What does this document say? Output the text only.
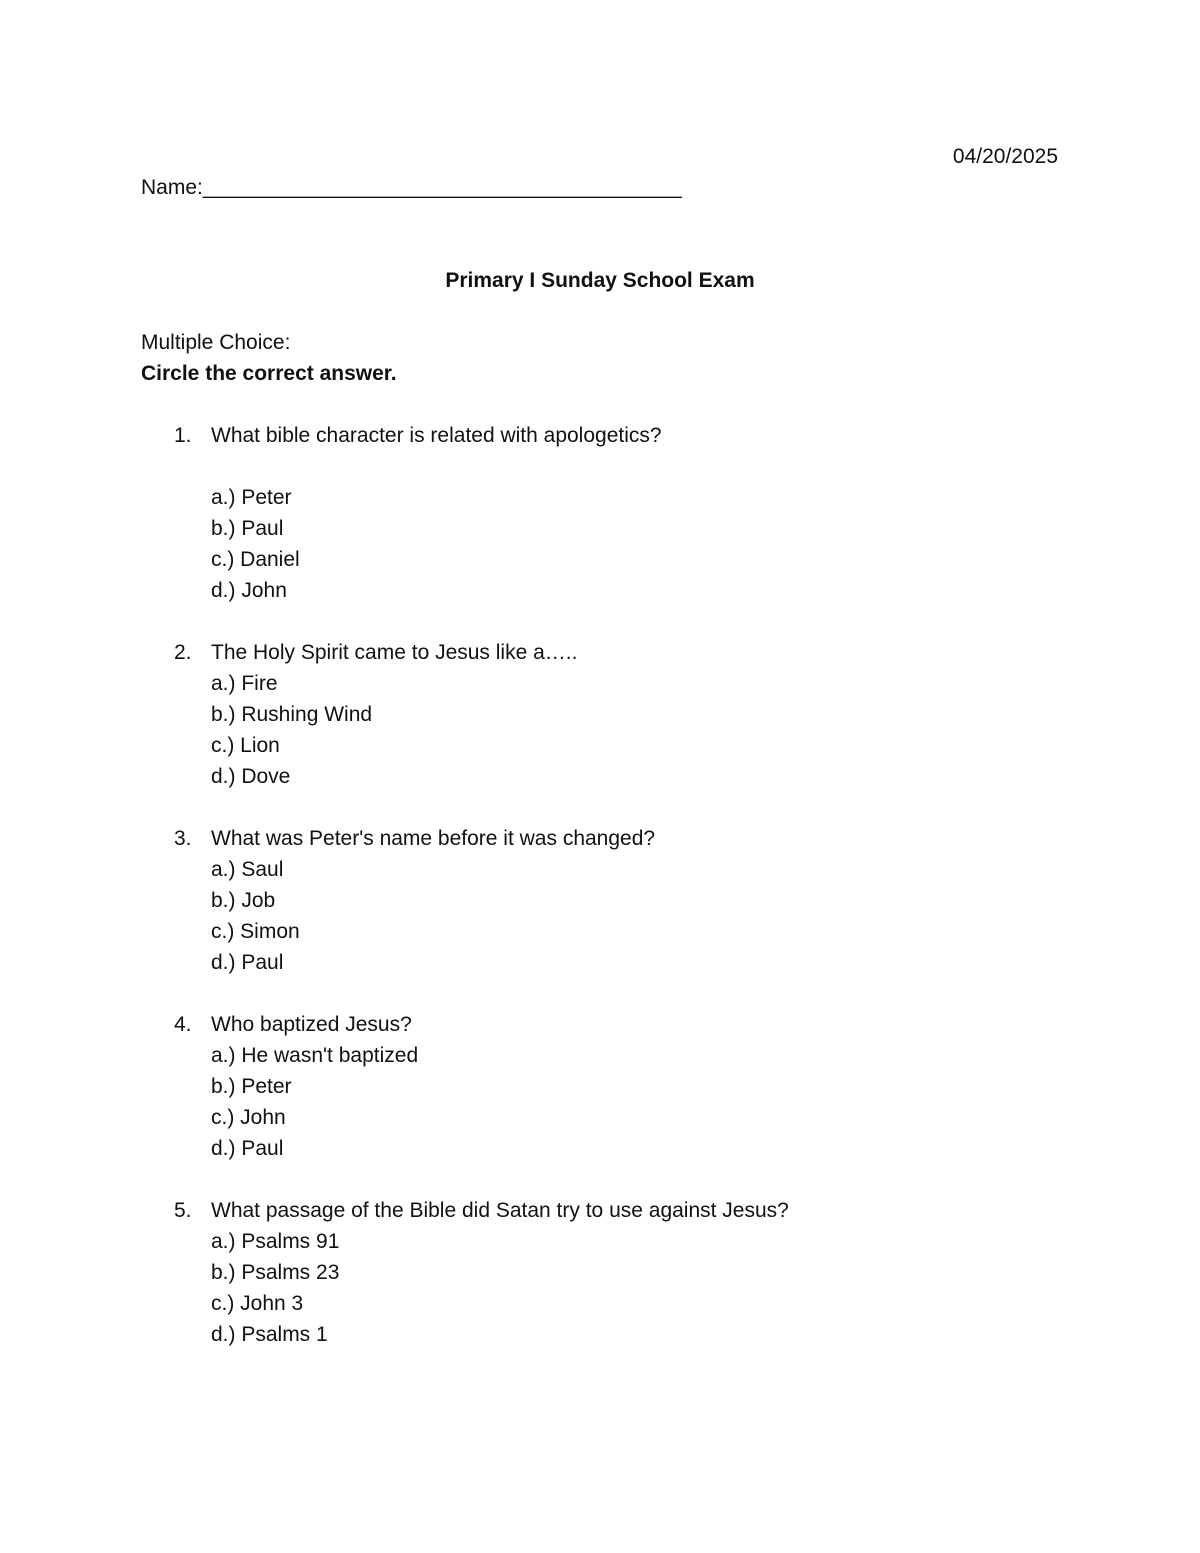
04/20/2025
Name:_________________________________________
Primary I Sunday School Exam
Multiple Choice:
Circle the correct answer.
1. What bible character is related with apologetics?
a.) Peter
b.) Paul
c.) Daniel
d.) John
2. The Holy Spirit came to Jesus like a…..
a.) Fire
b.) Rushing Wind
c.) Lion
d.) Dove
3. What was Peter's name before it was changed?
a.) Saul
b.) Job
c.) Simon
d.) Paul
4. Who baptized Jesus?
a.) He wasn't baptized
b.) Peter
c.) John
d.) Paul
5. What passage of the Bible did Satan try to use against Jesus?
a.) Psalms 91
b.) Psalms 23
c.) John 3
d.) Psalms 1
